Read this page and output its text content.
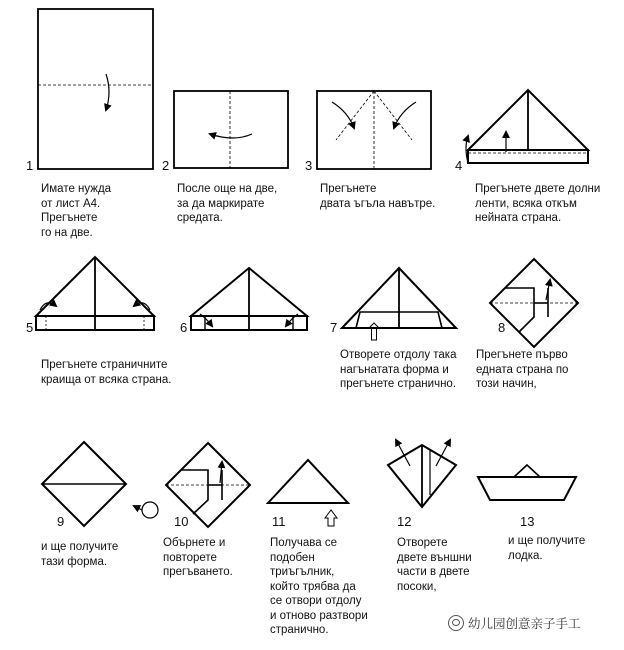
1	2	3	4
5	6	7	8
9	10	11	12	13
Имате нужда
от лист А4.
Прегънете
го на две.
После още на две,
за да маркирате
средата.
Прегънете
двата ъгъла навътре.
Прегънете двете долни
ленти, всяка откъм
нейната страна.
Прегънете страничните
краища от всяка страна.
Отворете отдолу така
нагънатата форма и
прегънете странично.
Прегънете първо
едната страна по
този начин,
и ще получите
тази форма.
Обърнете и
повторете
прегъването.
Получава се
подобен
триъгълник,
който трябва да
се отвори отдолу
и отново разтвори
странично.
Отворете
двете външни
части в двете
посоки,
и ще получите
лодка.
幼儿园创意亲子手工
